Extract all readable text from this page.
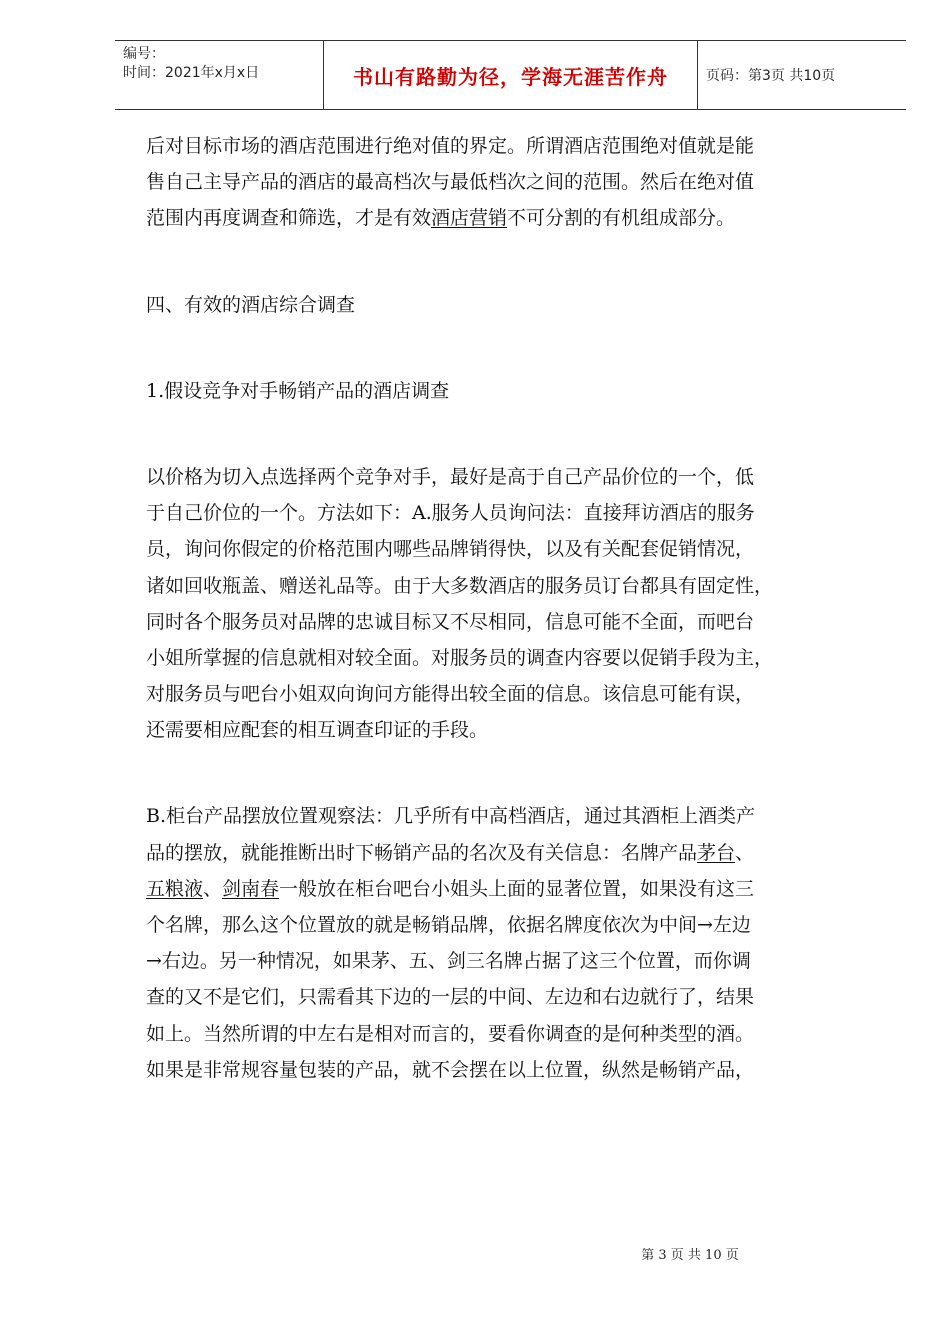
编号：
时间：2021年x月x日	书山有路勤为径，学海无涯苦作舟	页码：第3页 共10页
后对目标市场的酒店范围进行绝对值的界定。所谓酒店范围绝对值就是能
售自己主导产品的酒店的最高档次与最低档次之间的范围。然后在绝对值
范围内再度调查和筛选，才是有效酒店营销不可分割的有机组成部分。
四、有效的酒店综合调查
1.假设竞争对手畅销产品的酒店调查
以价格为切入点选择两个竞争对手，最好是高于自己产品价位的一个，低
于自己价位的一个。方法如下：A.服务人员询问法：直接拜访酒店的服务
员，询问你假定的价格范围内哪些品牌销得快，以及有关配套促销情况，
诸如回收瓶盖、赠送礼品等。由于大多数酒店的服务员订台都具有固定性，
同时各个服务员对品牌的忠诚目标又不尽相同，信息可能不全面，而吧台
小姐所掌握的信息就相对较全面。对服务员的调查内容要以促销手段为主，
对服务员与吧台小姐双向询问方能得出较全面的信息。该信息可能有误，
还需要相应配套的相互调查印证的手段。
B.柜台产品摆放位置观察法：几乎所有中高档酒店，通过其酒柜上酒类产
品的摆放，就能推断出时下畅销产品的名次及有关信息：名牌产品茅台、
五粮液、剑南春一般放在柜台吧台小姐头上面的显著位置，如果没有这三
个名牌，那么这个位置放的就是畅销品牌，依据名牌度依次为中间→左边
→右边。另一种情况，如果茅、五、剑三名牌占据了这三个位置，而你调
查的又不是它们，只需看其下边的一层的中间、左边和右边就行了，结果
如上。当然所谓的中左右是相对而言的，要看你调查的是何种类型的酒。
如果是非常规容量包装的产品，就不会摆在以上位置，纵然是畅销产品，
第 3 页 共 10 页
